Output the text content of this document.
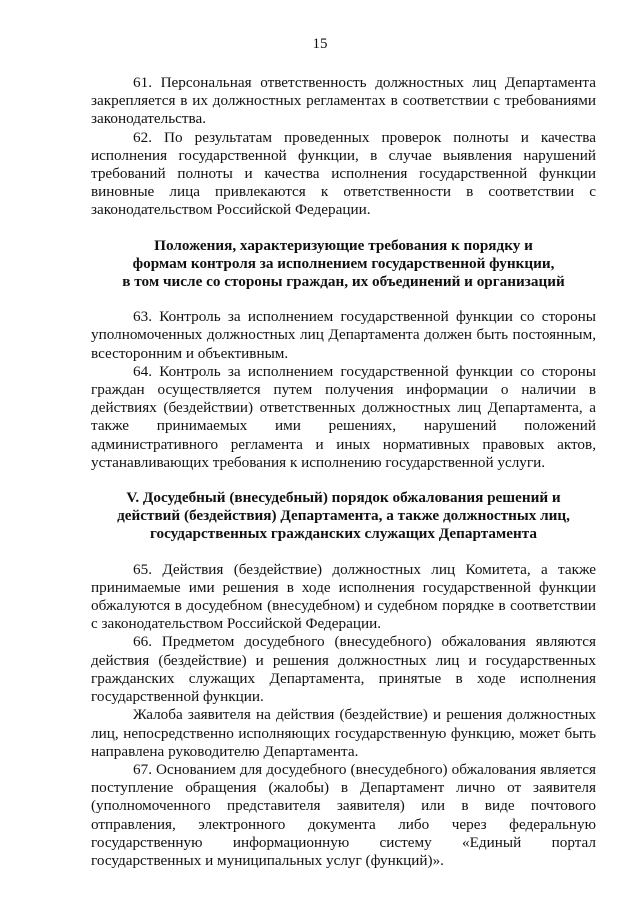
15

61. Персональная ответственность должностных лиц Департамента закрепляется в их должностных регламентах в соответствии с требованиями законодательства.

62. По результатам проведенных проверок полноты и качества исполнения государственной функции, в случае выявления нарушений требований полноты и качества исполнения государственной функции виновные лица привлекаются к ответственности в соответствии с законодательством Российской Федерации.

Положения, характеризующие требования к порядку и
формам контроля за исполнением государственной функции,
в том числе со стороны граждан, их объединений и организаций

63. Контроль за исполнением государственной функции со стороны уполномоченных должностных лиц Департамента должен быть постоянным, всесторонним и объективным.

64. Контроль за исполнением государственной функции со стороны граждан осуществляется путем получения информации о наличии в действиях (бездействии) ответственных должностных лиц Департамента, а также принимаемых ими решениях, нарушений положений административного регламента и иных нормативных правовых актов, устанавливающих требования к исполнению государственной услуги.

V. Досудебный (внесудебный) порядок обжалования решений и
действий (бездействия) Департамента, а также должностных лиц,
государственных гражданских служащих Департамента

65. Действия (бездействие) должностных лиц Комитета, а также принимаемые ими решения в ходе исполнения государственной функции обжалуются в досудебном (внесудебном) и судебном порядке в соответствии с законодательством Российской Федерации.

66. Предметом досудебного (внесудебного) обжалования являются действия (бездействие) и решения должностных лиц и государственных гражданских служащих Департамента, принятые в ходе исполнения государственной функции.

Жалоба заявителя на действия (бездействие) и решения должностных лиц, непосредственно исполняющих государственную функцию, может быть направлена руководителю Департамента.

67. Основанием для досудебного (внесудебного) обжалования является поступление обращения (жалобы) в Департамент лично от заявителя (уполномоченного представителя заявителя) или в виде почтового отправления, электронного документа либо через федеральную государственную информационную систему «Единый портал государственных и муниципальных услуг (функций)».
